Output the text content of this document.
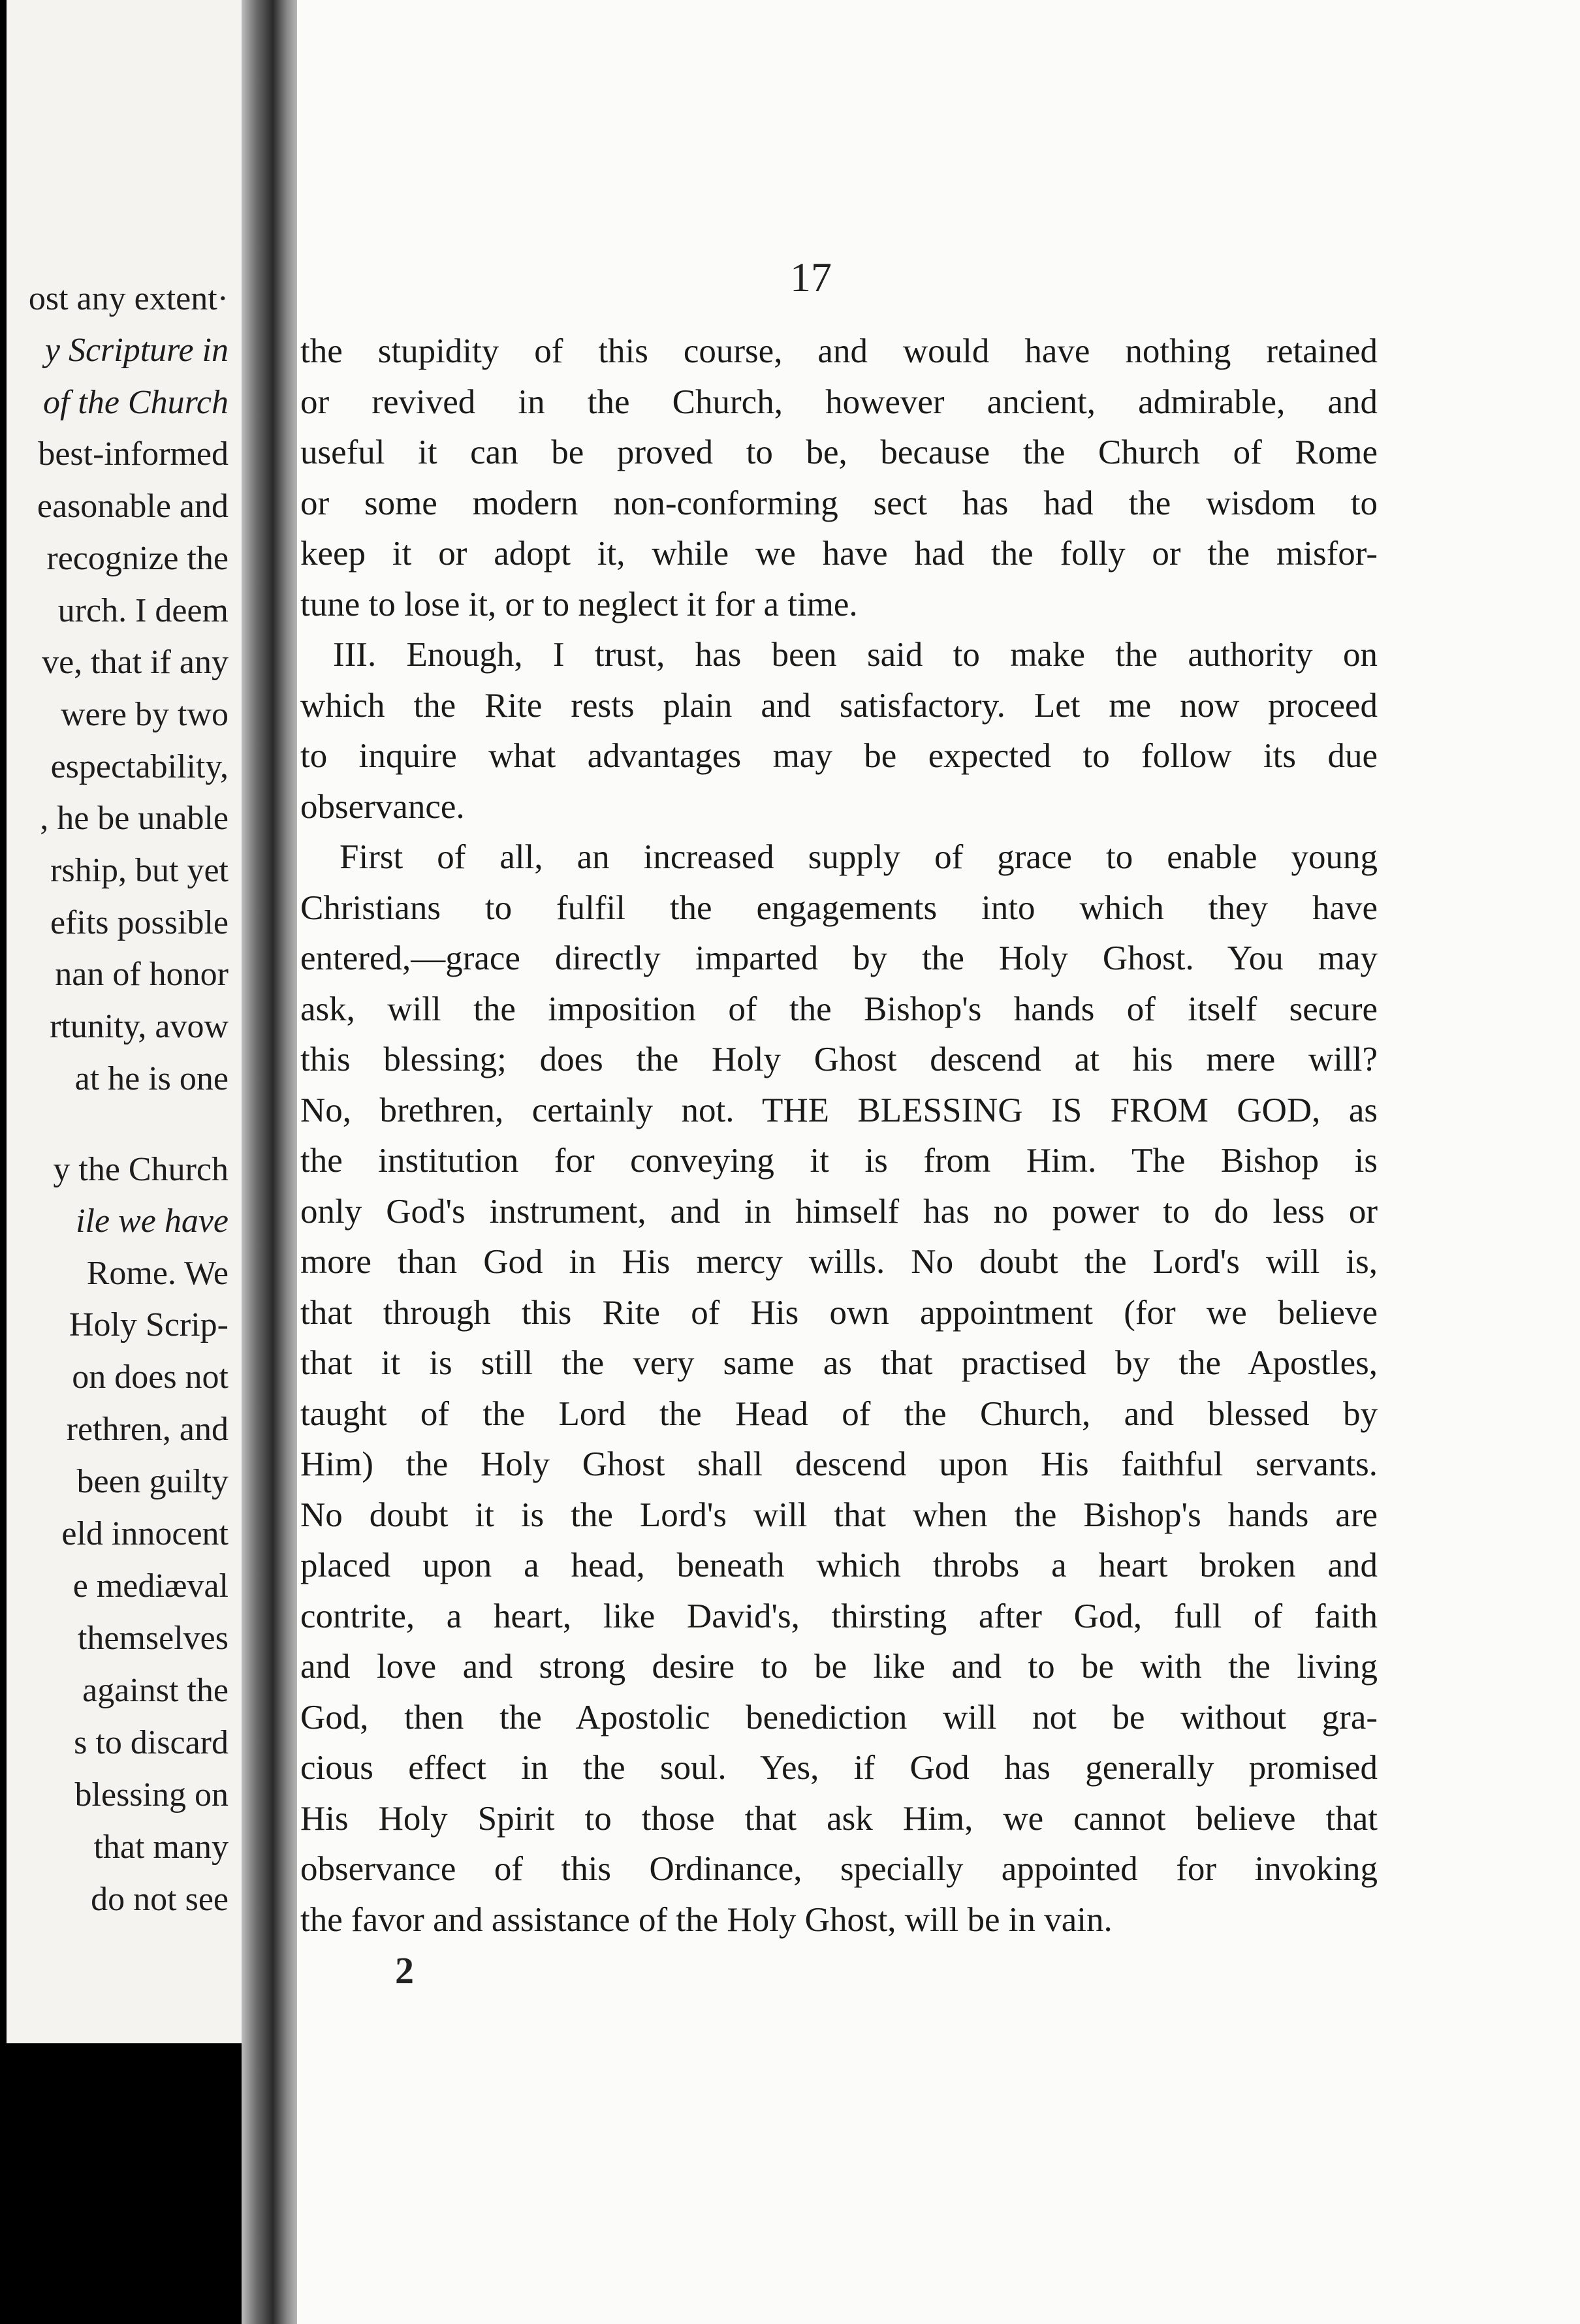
ost any extent·
y Scripture in
of the Church
best-informed
easonable and
recognize the
urch. I deem
ve, that if any
were by two
espectability,
, he be unable
rship, but yet
efits possible
nan of honor
rtunity, avow
at he is one
y the Church
ile we have
Rome. We
Holy Scrip-
on does not
rethren, and
been guilty
eld innocent
e mediæval
themselves
against the
s to discard
blessing on
that many
do not see
17
the stupidity of this course, and would have nothing retained
or revived in the Church, however ancient, admirable, and
useful it can be proved to be, because the Church of Rome
or some modern non-conforming sect has had the wisdom to
keep it or adopt it, while we have had the folly or the misfor-
tune to lose it, or to neglect it for a time.
III. Enough, I trust, has been said to make the authority on
which the Rite rests plain and satisfactory. Let me now proceed
to inquire what advantages may be expected to follow its due
observance.
First of all, an increased supply of grace to enable young
Christians to fulfil the engagements into which they have
entered,—grace directly imparted by the Holy Ghost. You may
ask, will the imposition of the Bishop's hands of itself secure
this blessing; does the Holy Ghost descend at his mere will?
No, brethren, certainly not. THE BLESSING IS FROM GOD, as
the institution for conveying it is from Him. The Bishop is
only God's instrument, and in himself has no power to do less or
more than God in His mercy wills. No doubt the Lord's will is,
that through this Rite of His own appointment (for we believe
that it is still the very same as that practised by the Apostles,
taught of the Lord the Head of the Church, and blessed by
Him) the Holy Ghost shall descend upon His faithful servants.
No doubt it is the Lord's will that when the Bishop's hands are
placed upon a head, beneath which throbs a heart broken and
contrite, a heart, like David's, thirsting after God, full of faith
and love and strong desire to be like and to be with the living
God, then the Apostolic benediction will not be without gra-
cious effect in the soul. Yes, if God has generally promised
His Holy Spirit to those that ask Him, we cannot believe that
observance of this Ordinance, specially appointed for invoking
the favor and assistance of the Holy Ghost, will be in vain.
2
